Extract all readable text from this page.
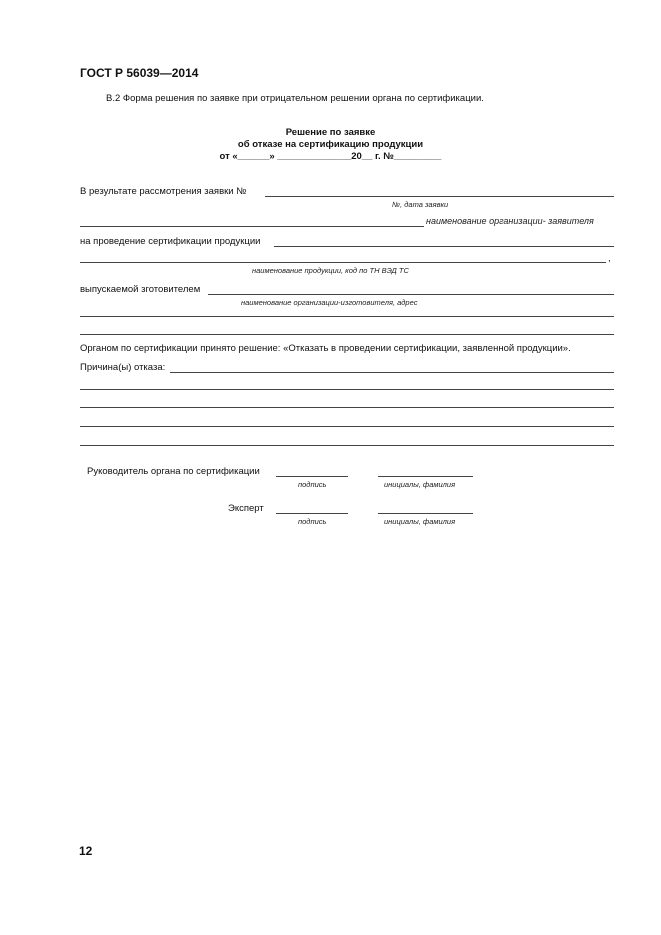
ГОСТ Р 56039—2014
В.2 Форма решения по заявке при отрицательном решении органа по сертификации.
Решение по заявке
об отказе на сертификацию продукции
от «______» ______________20__ г. №_________
В результате рассмотрения заявки №
№, дата заявки
наименование организации- заявителя
на проведение сертификации продукции
,
наименование продукции, код по ТН ВЭД ТС
выпускаемой зготовителем
наименование организации-изготовителя, адрес
Органом по сертификации принято решение: «Отказать в проведении сертификации, заявленной продукции».
Причина(ы) отказа:
Руководитель органа по сертификации
подпись	инициалы, фамилия
Эксперт
подпись	инициалы, фамилия
12
